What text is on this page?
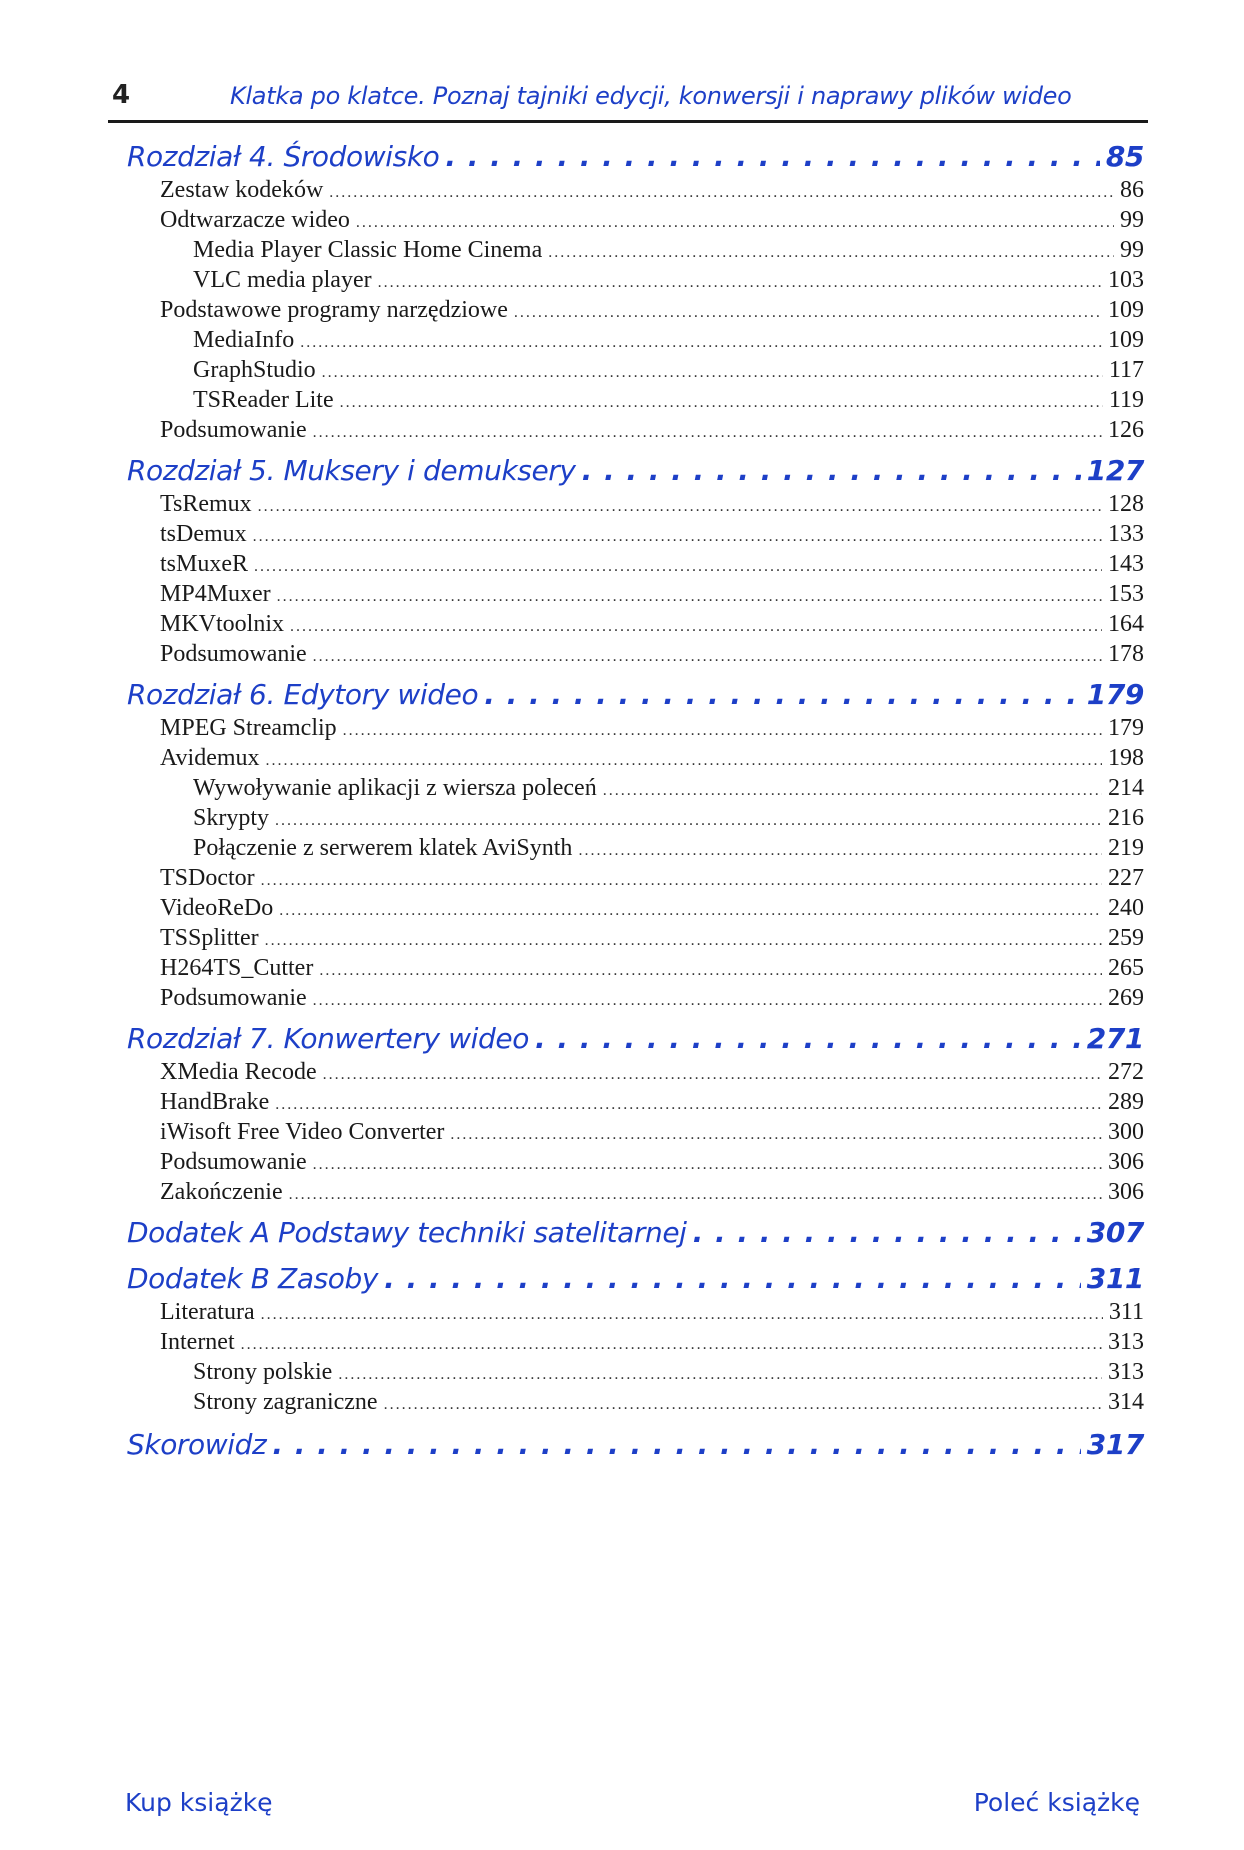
4	Klatka po klatce. Poznaj tajniki edycji, konwersji i naprawy plików wideo
Rozdział 4. Środowisko . . .	85
Zestaw kodeków . . .	86
Odtwarzacze wideo . . .	99
Media Player Classic Home Cinema . . .	99
VLC media player . . .	103
Podstawowe programy narzędziowe . . .	109
MediaInfo . . .	109
GraphStudio . . .	117
TSReader Lite . . .	119
Podsumowanie . . .	126
Rozdział 5. Muksery i demuksery . . .	127
TsRemux . . .	128
tsDemux . . .	133
tsMuxeR . . .	143
MP4Muxer . . .	153
MKVtoolnix . . .	164
Podsumowanie . . .	178
Rozdział 6. Edytory wideo . . .	179
MPEG Streamclip . . .	179
Avidemux . . .	198
Wywoływanie aplikacji z wiersza poleceń . . .	214
Skrypty . . .	216
Połączenie z serwerem klatek AviSynth . . .	219
TSDoctor . . .	227
VideoReDo . . .	240
TSSplitter . . .	259
H264TS_Cutter . . .	265
Podsumowanie . . .	269
Rozdział 7. Konwertery wideo . . .	271
XMedia Recode . . .	272
HandBrake . . .	289
iWisoft Free Video Converter . . .	300
Podsumowanie . . .	306
Zakończenie . . .	306
Dodatek A Podstawy techniki satelitarnej . . .	307
Dodatek B Zasoby . . .	311
Literatura . . .	311
Internet . . .	313
Strony polskie . . .	313
Strony zagraniczne . . .	314
Skorowidz . . .	317
Kup książkę	Poleć książkę
